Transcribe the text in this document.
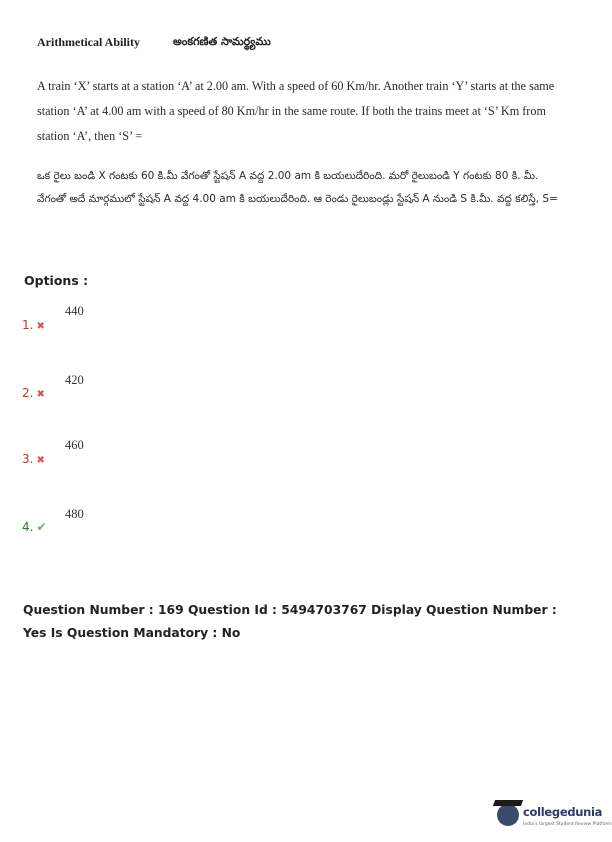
Arithmetical Ability	అంకగణిత సామర్థ్యము
A train ‘X’ starts at a station ‘A’ at 2.00 am. With a speed of 60 Km/hr. Another train ‘Y’ starts at the same station ‘A’ at 4.00 am with a speed of 80 Km/hr in the same route. If both the trains meet at ‘S’ Km from station ‘A’, then ‘S’ =
ఒక రైలు బండి X గంటకు 60 కి.మీ వేగంతో స్టేషన్ A వద్ద 2.00 am కి బయలుదేరింది. మరో రైలుబండి Y గంటకు 80 కి. మీ. వేగంతో అదే మార్గములో స్టేషన్ A వద్ద 4.00 am కి బయలుదేరింది. ఆ రెండు రైలుబండ్లు స్టేషన్ A నుండి S కి.మీ. వద్ద కలిస్తే, S=
Options :
440
1. ✖
420
2. ✖
460
3. ✖
480
4. ✔
Question Number : 169 Question Id : 5494703767 Display Question Number : Yes Is Question Mandatory : No
collegedunia
India's largest Student Review Platform
